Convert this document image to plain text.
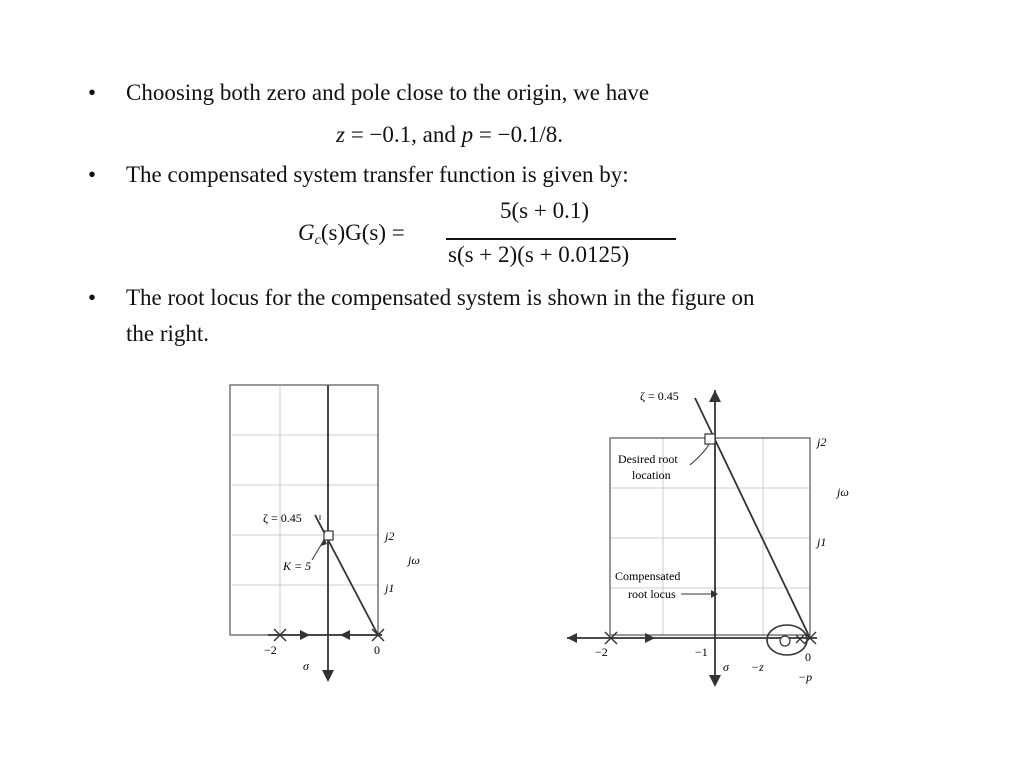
• Choosing both zero and pole close to the origin, we have
z = −0.1, and p = −0.1/8.
• The compensated system transfer function is given by:
$G_c(s)G(s)$ =
5(s + 0.1)
s(s + 2)(s + 0.0125)
• The root locus for the compensated system is shown in the figure on
the right.
ζ = 0.45
K = 5
j2
jω
j1
−2	0
σ
ζ = 0.45
Desired root
location
Compensated
root locus
j2
jω
j1
−2	−1
σ −z
0
−p
